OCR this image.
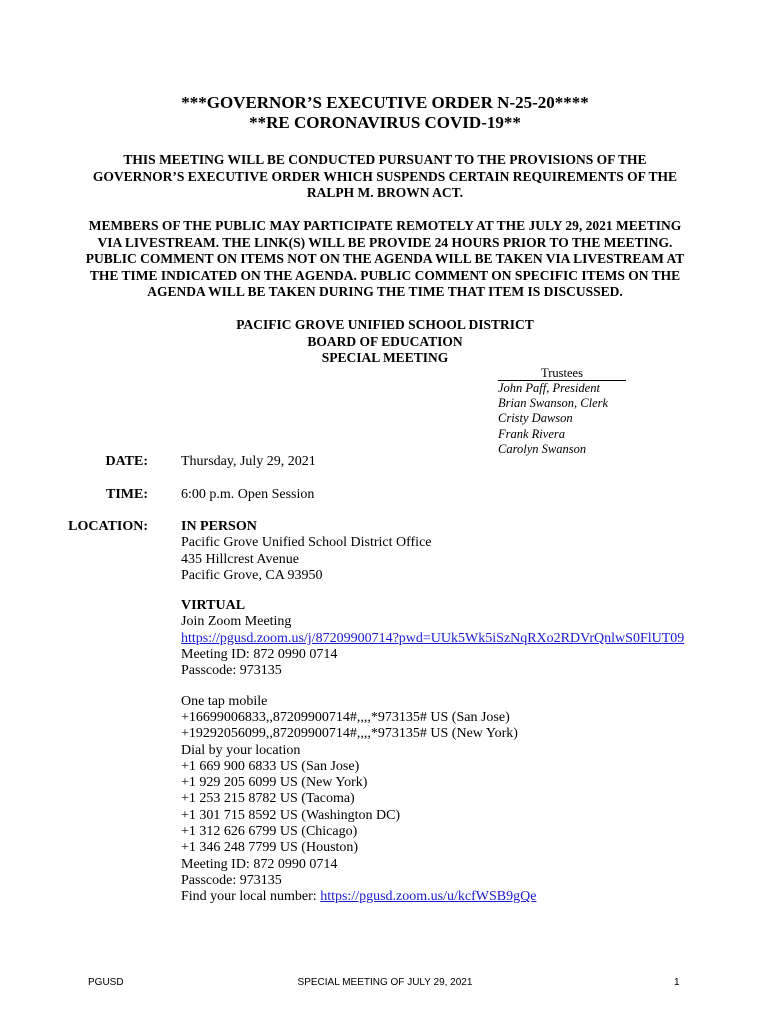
***GOVERNOR’S EXECUTIVE ORDER N-25-20****
**RE CORONAVIRUS COVID-19**
THIS MEETING WILL BE CONDUCTED PURSUANT TO THE PROVISIONS OF THE
GOVERNOR’S EXECUTIVE ORDER WHICH SUSPENDS CERTAIN REQUIREMENTS OF THE
RALPH M. BROWN ACT.
MEMBERS OF THE PUBLIC MAY PARTICIPATE REMOTELY AT THE JULY 29, 2021 MEETING
VIA LIVESTREAM. THE LINK(S) WILL BE PROVIDE 24 HOURS PRIOR TO THE MEETING.
PUBLIC COMMENT ON ITEMS NOT ON THE AGENDA WILL BE TAKEN VIA LIVESTREAM AT
THE TIME INDICATED ON THE AGENDA. PUBLIC COMMENT ON SPECIFIC ITEMS ON THE
AGENDA WILL BE TAKEN DURING THE TIME THAT ITEM IS DISCUSSED.
PACIFIC GROVE UNIFIED SCHOOL DISTRICT
BOARD OF EDUCATION
SPECIAL MEETING
Trustees
John Paff, President
Brian Swanson, Clerk
Cristy Dawson
Frank Rivera
Carolyn Swanson
DATE: Thursday, July 29, 2021
TIME: 6:00 p.m. Open Session
LOCATION: IN PERSON
Pacific Grove Unified School District Office
435 Hillcrest Avenue
Pacific Grove, CA 93950
VIRTUAL
Join Zoom Meeting
https://pgusd.zoom.us/j/87209900714?pwd=UUk5Wk5iSzNqRXo2RDVrQnlwS0FlUT09
Meeting ID: 872 0990 0714
Passcode: 973135
One tap mobile
+16699006833,,87209900714#,,,,*973135# US (San Jose)
+19292056099,,87209900714#,,,,*973135# US (New York)
Dial by your location
+1 669 900 6833 US (San Jose)
+1 929 205 6099 US (New York)
+1 253 215 8782 US (Tacoma)
+1 301 715 8592 US (Washington DC)
+1 312 626 6799 US (Chicago)
+1 346 248 7799 US (Houston)
Meeting ID: 872 0990 0714
Passcode: 973135
Find your local number: https://pgusd.zoom.us/u/kcfWSB9gQe
PGUSD	SPECIAL MEETING OF JULY 29, 2021	1
